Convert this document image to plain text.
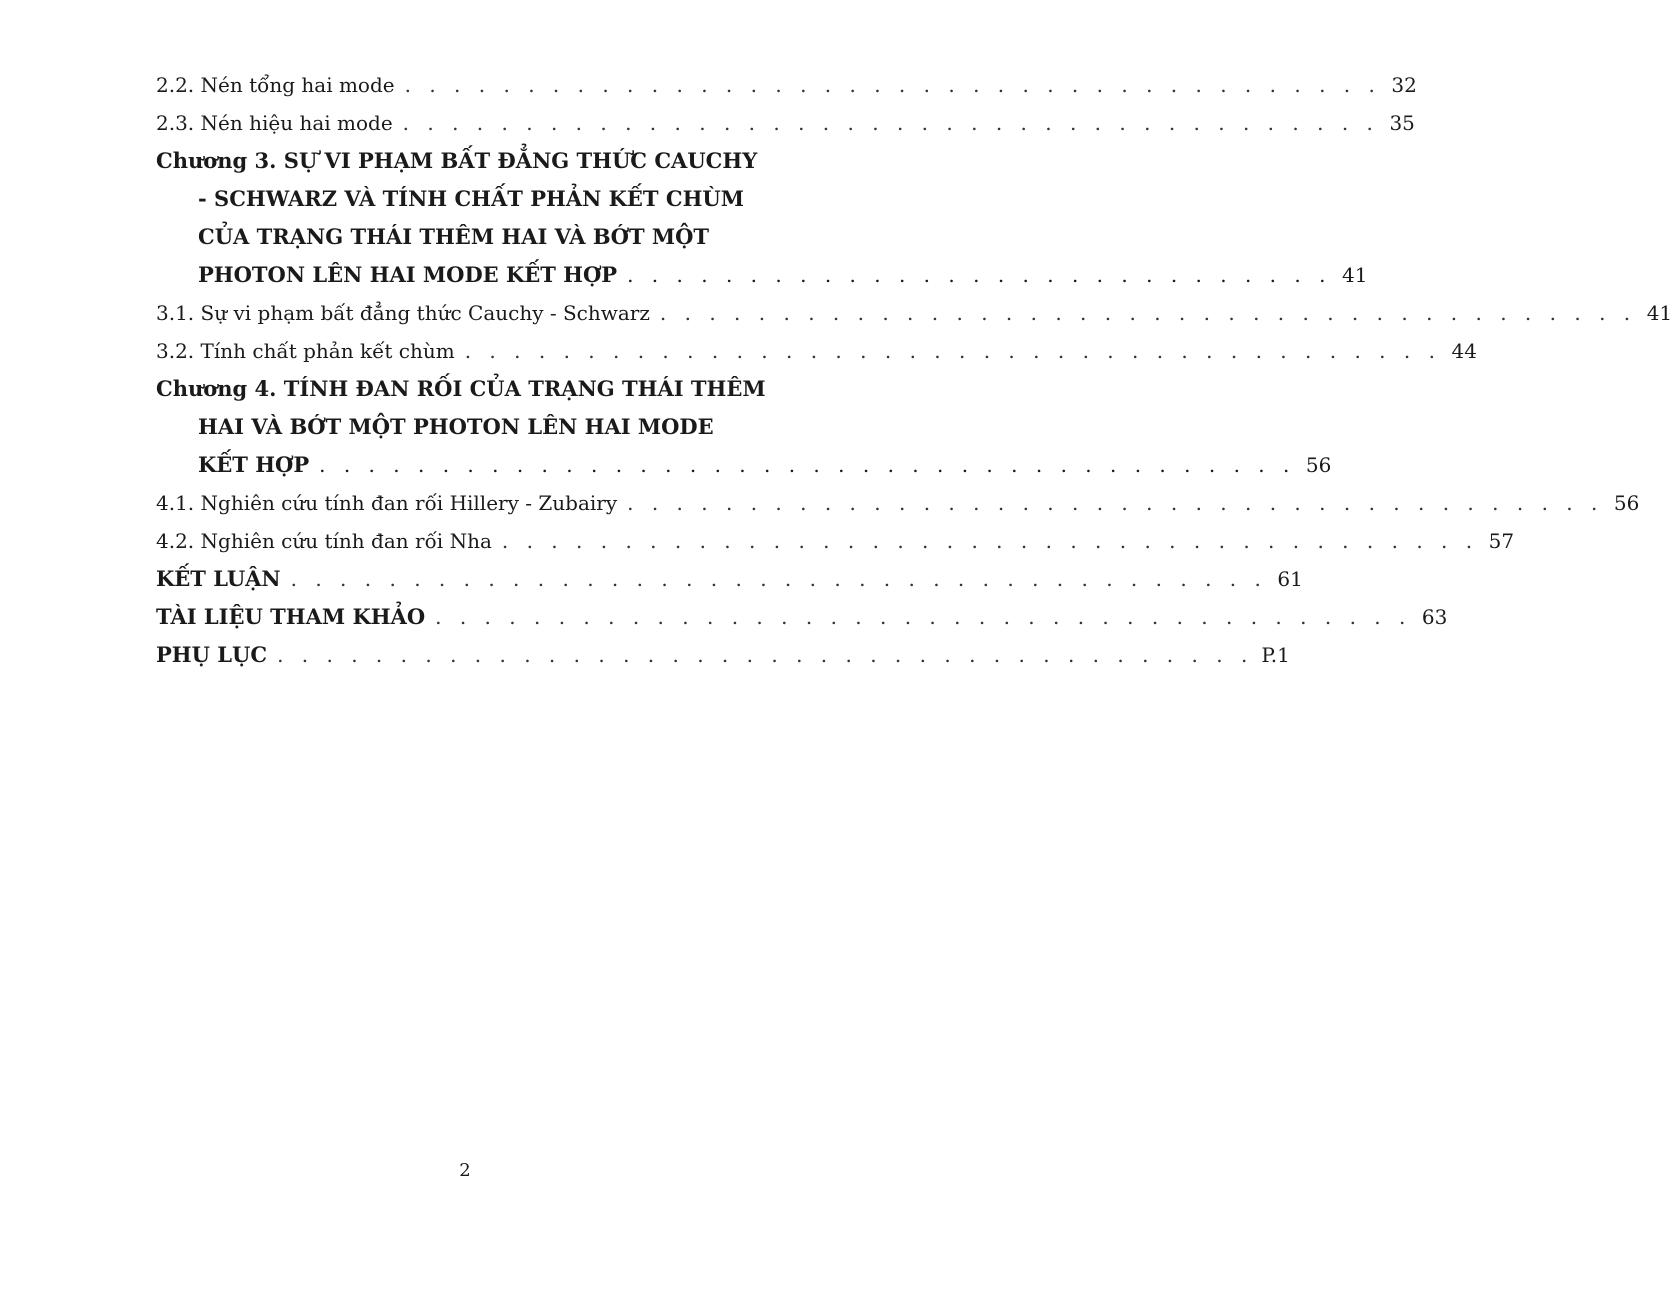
2.2. Nén tổng hai mode . . . . . . . . . . . . . . . . . . . . . . . . . . . . . . . . . . . . . . . . 32
2.3. Nén hiệu hai mode . . . . . . . . . . . . . . . . . . . . . . . . . . . . . . . . . . . . . . . . 35
Chương 3. SỰ VI PHẠM BẤT ĐẲNG THỨC CAUCHY
- SCHWARZ VÀ TÍNH CHẤT PHẢN KẾT CHÙM
CỦA TRẠNG THÁI THÊM HAI VÀ BỚT MỘT
PHOTON LÊN HAI MODE KẾT HỢP . . . . . . . . . . . . . . . . . . . . . . . . . . . . . 41
3.1. Sự vi phạm bất đẳng thức Cauchy - Schwarz . . . . . . . . . . . . . . . . . . . . . . . . . . . . . . . . . . . . . . . . 41
3.2. Tính chất phản kết chùm . . . . . . . . . . . . . . . . . . . . . . . . . . . . . . . . . . . . . . . . 44
Chương 4. TÍNH ĐAN RỐI CỦA TRẠNG THÁI THÊM
HAI VÀ BỚT MỘT PHOTON LÊN HAI MODE
KẾT HỢP . . . . . . . . . . . . . . . . . . . . . . . . . . . . . . . . . . . . . . . . 56
4.1. Nghiên cứu tính đan rối Hillery - Zubairy . . . . . . . . . . . . . . . . . . . . . . . . . . . . . . . . . . . . . . . . 56
4.2. Nghiên cứu tính đan rối Nha . . . . . . . . . . . . . . . . . . . . . . . . . . . . . . . . . . . . . . . . 57
KẾT LUẬN . . . . . . . . . . . . . . . . . . . . . . . . . . . . . . . . . . . . . . . . 61
TÀI LIỆU THAM KHẢO . . . . . . . . . . . . . . . . . . . . . . . . . . . . . . . . . . . . . . . . 63
PHỤ LỤC . . . . . . . . . . . . . . . . . . . . . . . . . . . . . . . . . . . . . . . . P.1
2
